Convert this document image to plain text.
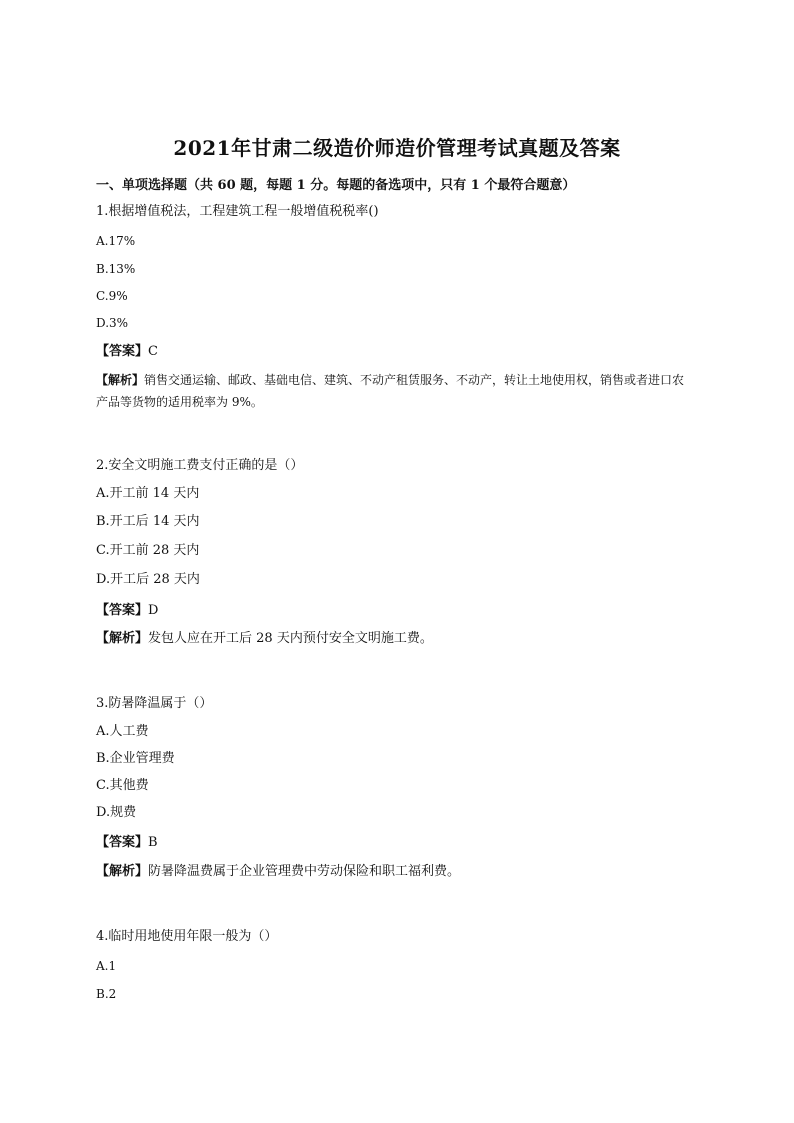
2021年甘肃二级造价师造价管理考试真题及答案
一、单项选择题（共 60 题，每题 1 分。每题的备选项中，只有 1 个最符合题意）
1.根据增值税法，工程建筑工程一般增值税税率()
A.17%
B.13%
C.9%
D.3%
【答案】C
【解析】销售交通运输、邮政、基础电信、建筑、不动产租赁服务、不动产，转让土地使用权，销售或者进口农产品等货物的适用税率为 9%。
2.安全文明施工费支付正确的是（）
A.开工前 14 天内
B.开工后 14 天内
C.开工前 28 天内
D.开工后 28 天内
【答案】D
【解析】发包人应在开工后 28 天内预付安全文明施工费。
3.防暑降温属于（）
A.人工费
B.企业管理费
C.其他费
D.规费
【答案】B
【解析】防暑降温费属于企业管理费中劳动保险和职工福利费。
4.临时用地使用年限一般为（）
A.1
B.2
